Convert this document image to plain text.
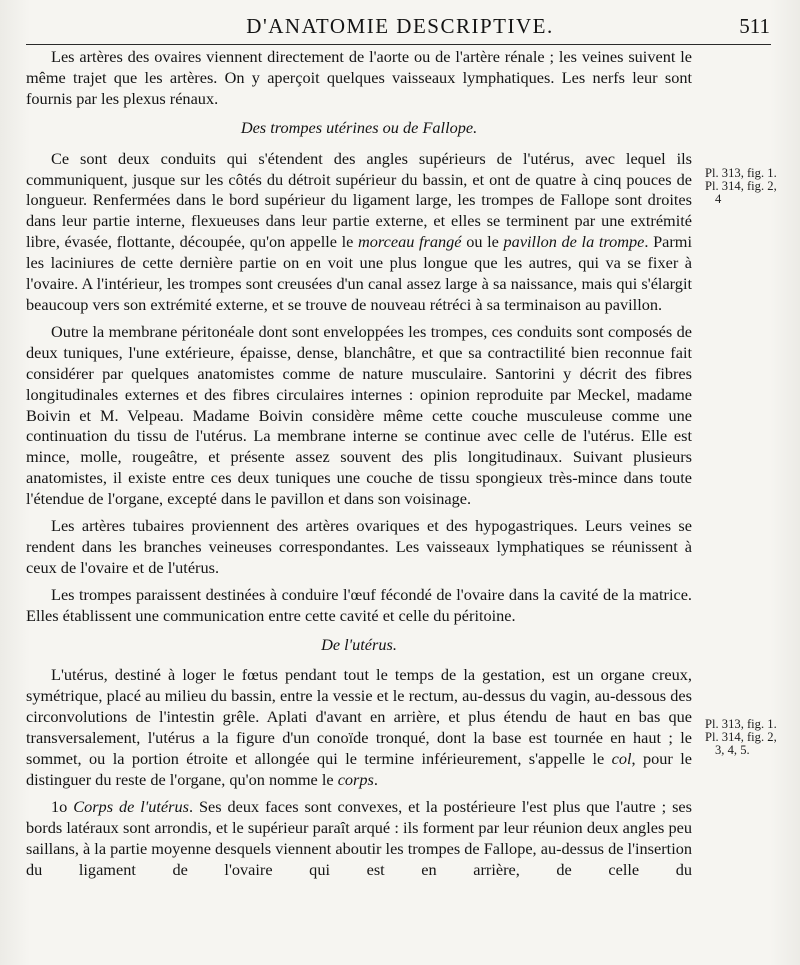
D'ANATOMIE DESCRIPTIVE.	511

Les artères des ovaires viennent directement de l'aorte ou de l'artère rénale ; les veines suivent le même trajet que les artères. On y aperçoit quelques vaisseaux lymphatiques. Les nerfs leur sont fournis par les plexus rénaux.

Des trompes utérines ou de Fallope.

Ce sont deux conduits qui s'étendent des angles supérieurs de l'utérus, avec lequel ils communiquent, jusque sur les côtés du détroit supérieur du bassin, et ont de quatre à cinq pouces de longueur. Renfermées dans le bord supérieur du ligament large, les trompes de Fallope sont droites dans leur partie interne, flexueuses dans leur partie externe, et elles se terminent par une extrémité libre, évasée, flottante, découpée, qu'on appelle le morceau frangé ou le pavillon de la trompe. Parmi les laciniures de cette dernière partie on en voit une plus longue que les autres, qui va se fixer à l'ovaire. A l'intérieur, les trompes sont creusées d'un canal assez large à sa naissance, mais qui s'élargit beaucoup vers son extrémité externe, et se trouve de nouveau rétréci à sa terminaison au pavillon.

Outre la membrane péritonéale dont sont enveloppées les trompes, ces conduits sont composés de deux tuniques, l'une extérieure, épaisse, dense, blanchâtre, et que sa contractilité bien reconnue fait considérer par quelques anatomistes comme de nature musculaire. Santorini y décrit des fibres longitudinales externes et des fibres circulaires internes : opinion reproduite par Meckel, madame Boivin et M. Velpeau. Madame Boivin considère même cette couche musculeuse comme une continuation du tissu de l'utérus. La membrane interne se continue avec celle de l'utérus. Elle est mince, molle, rougeâtre, et présente assez souvent des plis longitudinaux. Suivant plusieurs anatomistes, il existe entre ces deux tuniques une couche de tissu spongieux très-mince dans toute l'étendue de l'organe, excepté dans le pavillon et dans son voisinage.

Les artères tubaires proviennent des artères ovariques et des hypogastriques. Leurs veines se rendent dans les branches veineuses correspondantes. Les vaisseaux lymphatiques se réunissent à ceux de l'ovaire et de l'utérus.

Les trompes paraissent destinées à conduire l'œuf fécondé de l'ovaire dans la cavité de la matrice. Elles établissent une communication entre cette cavité et celle du péritoine.

De l'utérus.

L'utérus, destiné à loger le fœtus pendant tout le temps de la gestation, est un organe creux, symétrique, placé au milieu du bassin, entre la vessie et le rectum, au-dessus du vagin, au-dessous des circonvolutions de l'intestin grêle. Aplati d'avant en arrière, et plus étendu de haut en bas que transversalement, l'utérus a la figure d'un conoïde tronqué, dont la base est tournée en haut ; le sommet, ou la portion étroite et allongée qui le termine inférieurement, s'appelle le col, pour le distinguer du reste de l'organe, qu'on nomme le corps.

1o Corps de l'utérus. Ses deux faces sont convexes, et la postérieure l'est plus que l'autre ; ses bords latéraux sont arrondis, et le supérieur paraît arqué : ils forment par leur réunion deux angles peu saillans, à la partie moyenne desquels viennent aboutir les trompes de Fallope, au-dessus de l'insertion du ligament de l'ovaire qui est en arrière, de celle du

Pl. 313, fig. 1.
Pl. 314, fig. 2,
4
Pl. 313, fig. 1.
Pl. 314, fig. 2,
3, 4, 5.
